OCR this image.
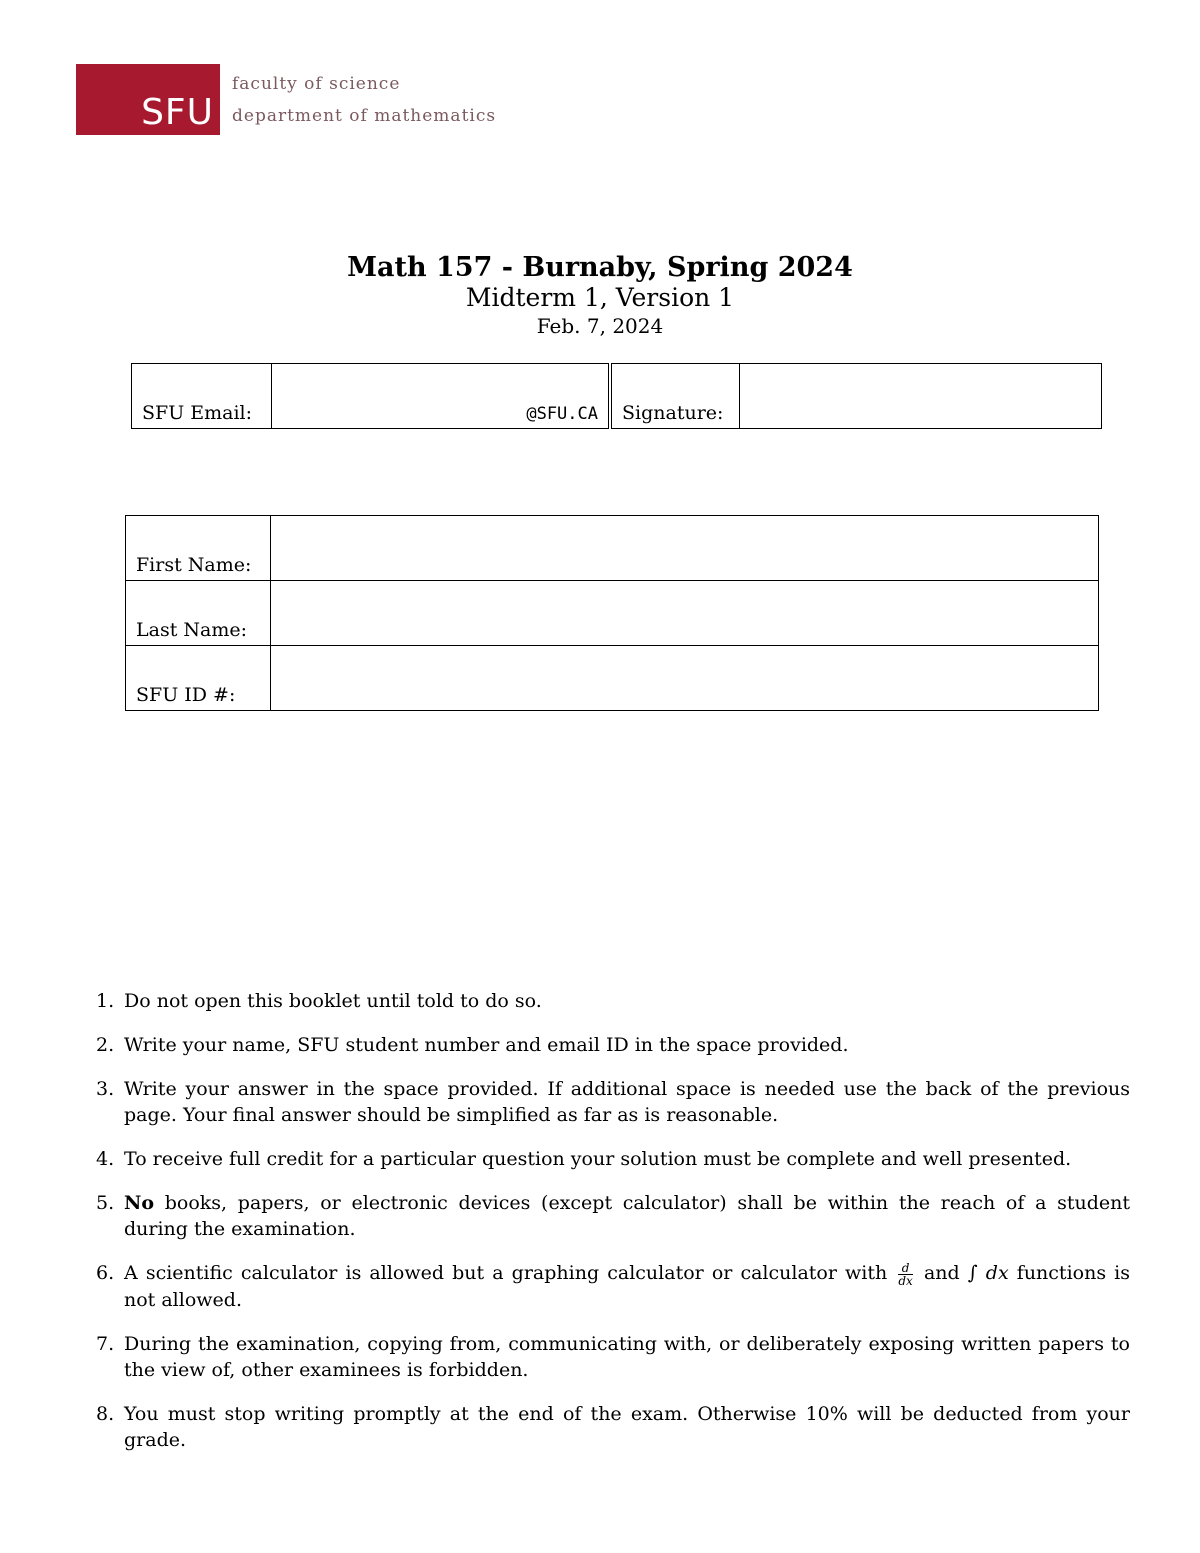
SFU
faculty of science
department of mathematics
Math 157 - Burnaby, Spring 2024
Midterm 1, Version 1
Feb. 7, 2024
SFU Email:	@SFU.CA	Signature:	
First Name:	
Last Name:	
SFU ID #:	
1. Do not open this booklet until told to do so.
2. Write your name, SFU student number and email ID in the space provided.
3. Write your answer in the space provided. If additional space is needed use the back of the previous page. Your final answer should be simplified as far as is reasonable.
4. To receive full credit for a particular question your solution must be complete and well presented.
5. No books, papers, or electronic devices (except calculator) shall be within the reach of a student during the examination.
6. A scientific calculator is allowed but a graphing calculator or calculator with $\frac{d}{dx}$ and ∫ dx functions is not allowed.
7. During the examination, copying from, communicating with, or deliberately exposing written papers to the view of, other examinees is forbidden.
8. You must stop writing promptly at the end of the exam. Otherwise 10% will be deducted from your grade.
